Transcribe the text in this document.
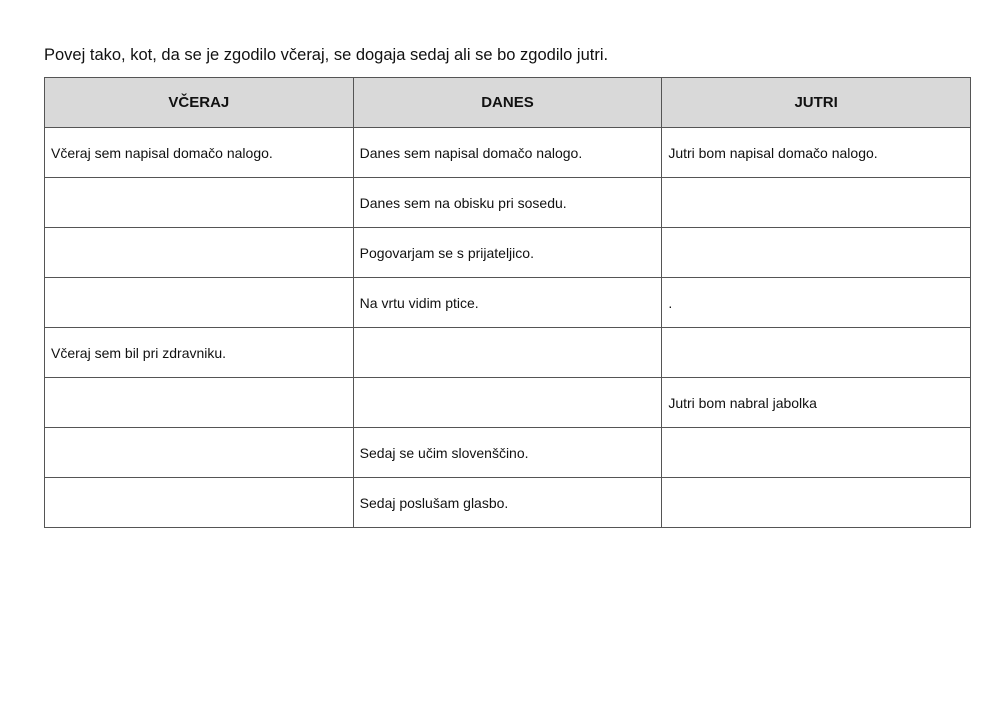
Povej tako, kot, da se je zgodilo včeraj, se dogaja sedaj ali se bo zgodilo jutri.
VČERAJ	DANES	JUTRI
Včeraj sem napisal domačo nalogo.	Danes sem napisal domačo nalogo.	Jutri bom napisal domačo nalogo.
	Danes sem na obisku pri sosedu.	
	Pogovarjam se s prijateljico.	
	Na vrtu vidim ptice.	.
Včeraj sem bil pri zdravniku.		
		Jutri bom nabral jabolka
	Sedaj se učim slovenščino.	
	Sedaj poslušam glasbo.	
